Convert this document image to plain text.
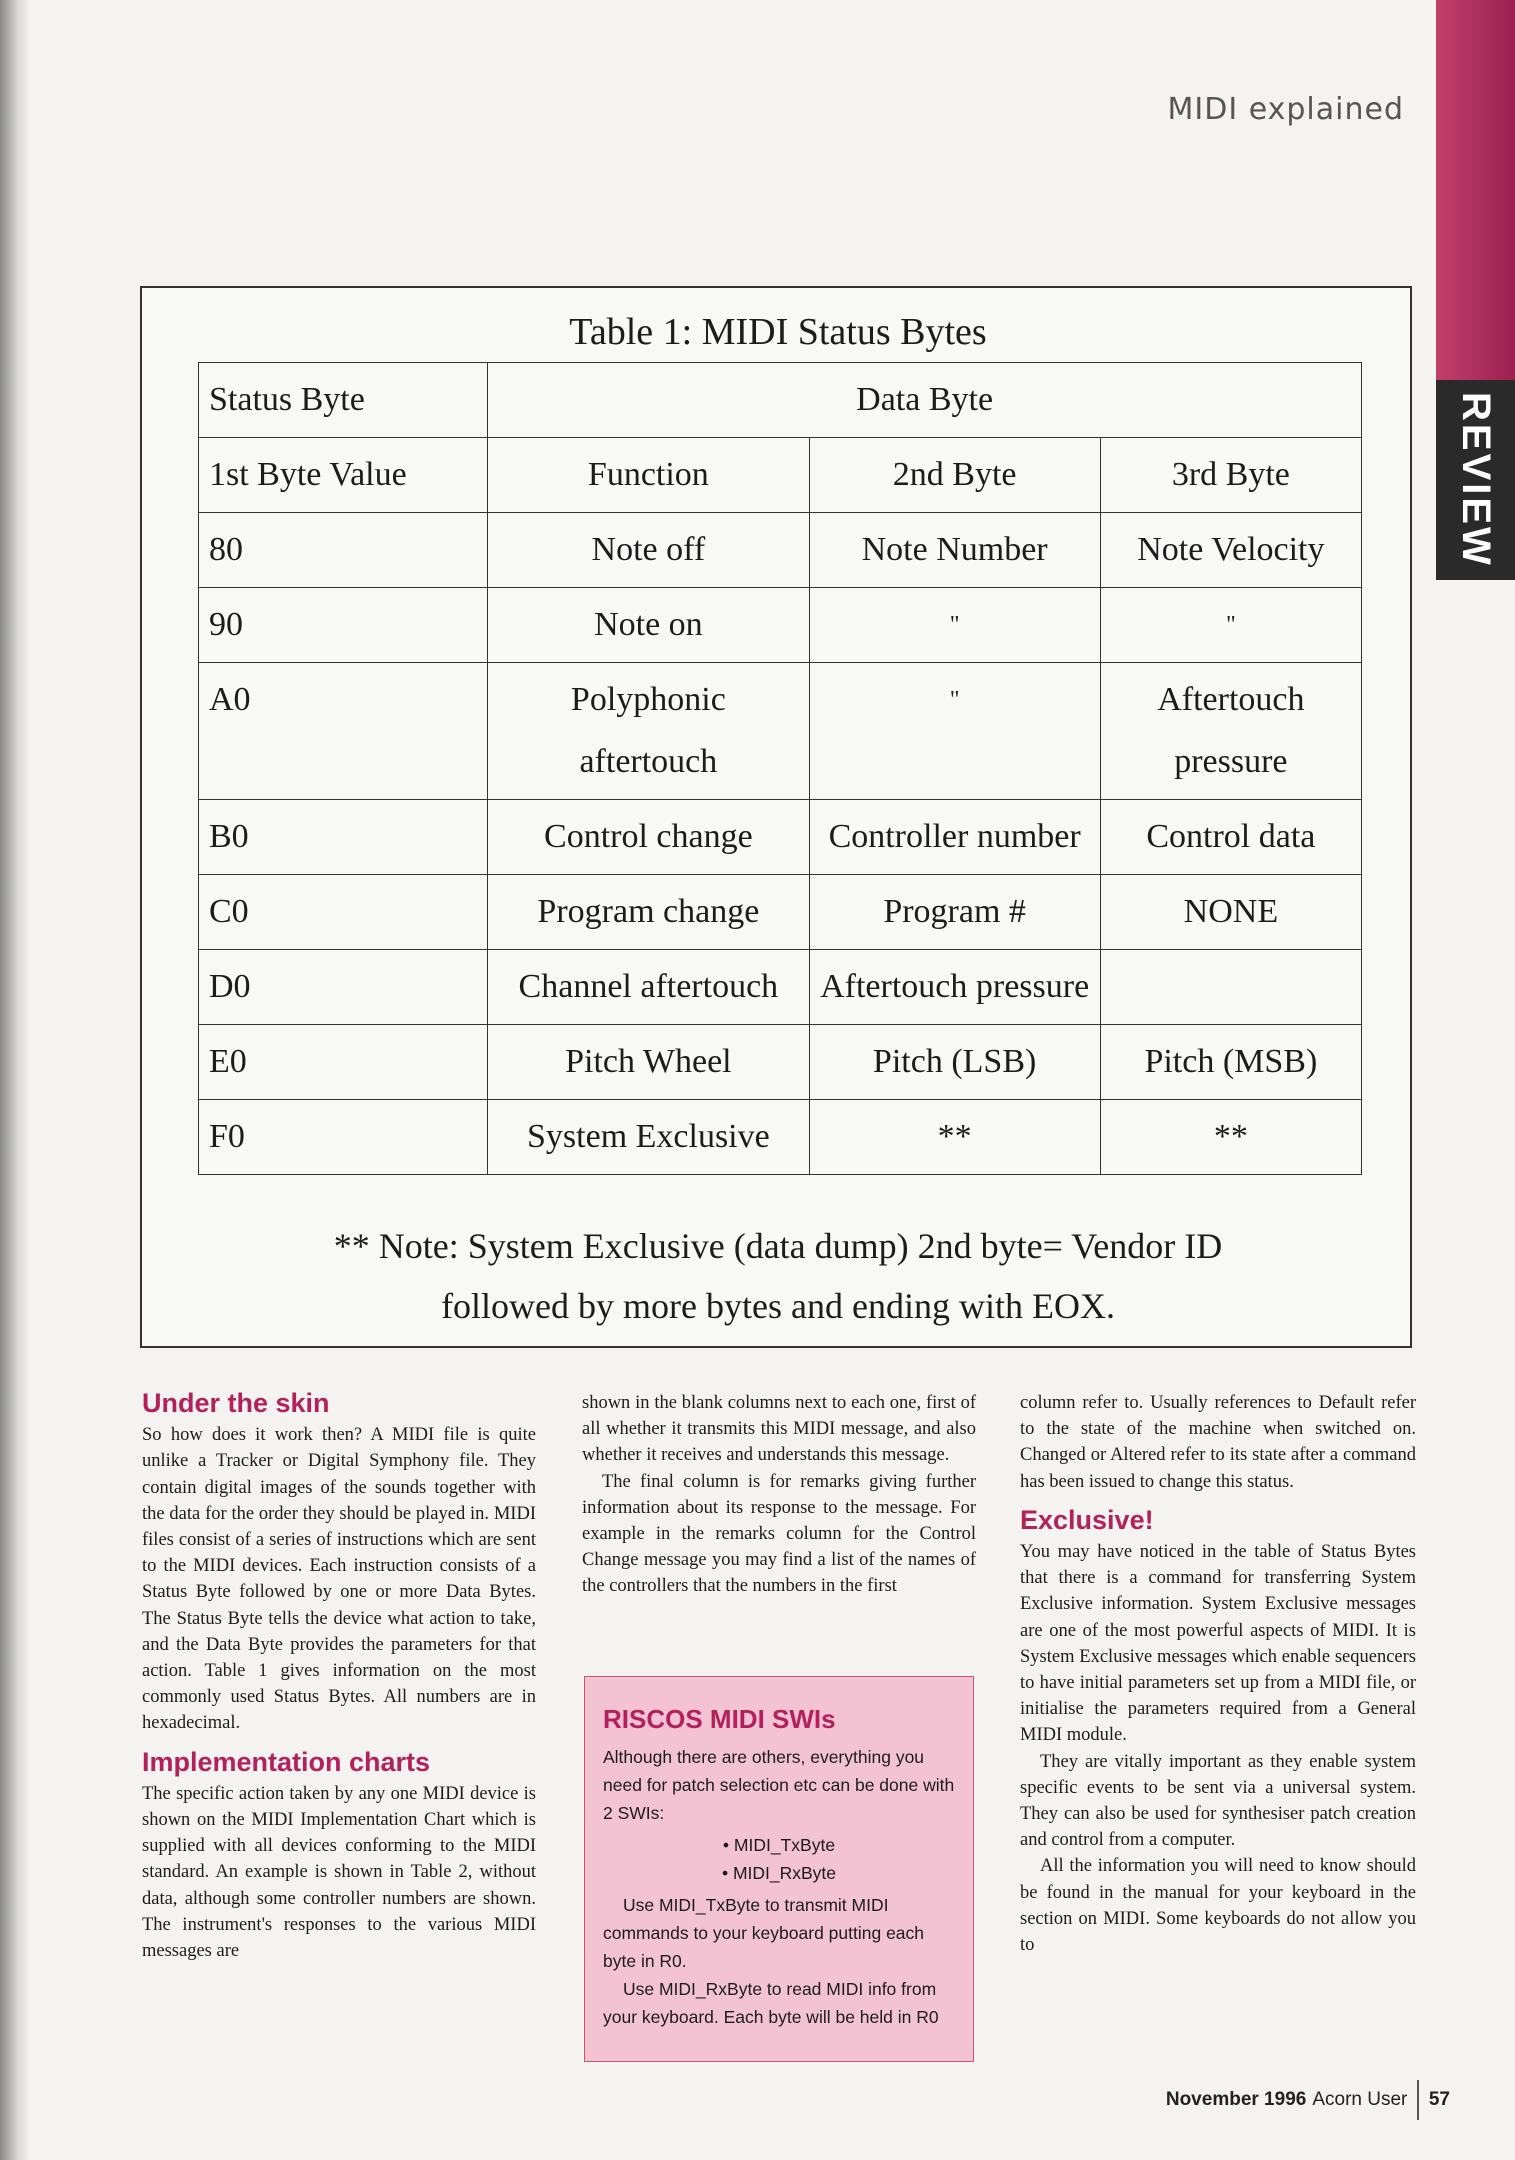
REVIEW
MIDI explained
Table 1: MIDI Status Bytes
Status Byte	Data Byte		
1st Byte Value	Function	2nd Byte	3rd Byte
80	Note off	Note Number	Note Velocity
90	Note on	"	"
A0	Polyphonic aftertouch	"	Aftertouch pressure
B0	Control change	Controller number	Control data
C0	Program change	Program #	NONE
D0	Channel aftertouch	Aftertouch pressure	
E0	Pitch Wheel	Pitch (LSB)	Pitch (MSB)
F0	System Exclusive	**	**
** Note: System Exclusive (data dump) 2nd byte= Vendor ID
followed by more bytes and ending with EOX.
Under the skin

So how does it work then? A MIDI file is quite unlike a Tracker or Digital Symphony file. They contain digital images of the sounds together with the data for the order they should be played in. MIDI files consist of a series of instructions which are sent to the MIDI devices. Each instruction consists of a Status Byte followed by one or more Data Bytes. The Status Byte tells the device what action to take, and the Data Byte provides the parameters for that action. Table 1 gives information on the most commonly used Status Bytes. All numbers are in hexadecimal.

Implementation charts

The specific action taken by any one MIDI device is shown on the MIDI Implementation Chart which is supplied with all devices conforming to the MIDI standard. An example is shown in Table 2, without data, although some controller numbers are shown. The instrument's responses to the various MIDI messages are

shown in the blank columns next to each one, first of all whether it transmits this MIDI message, and also whether it receives and understands this message.

The final column is for remarks giving further information about its response to the message. For example in the remarks column for the Control Change message you may find a list of the names of the controllers that the numbers in the first

RISCOS MIDI SWIs

Although there are others, everything you need for patch selection etc can be done with 2 SWIs:

• MIDI_TxByte
• MIDI_RxByte

Use MIDI_TxByte to transmit MIDI commands to your keyboard putting each byte in R0.

Use MIDI_RxByte to read MIDI info from your keyboard. Each byte will be held in R0

column refer to. Usually references to Default refer to the state of the machine when switched on. Changed or Altered refer to its state after a command has been issued to change this status.

Exclusive!

You may have noticed in the table of Status Bytes that there is a command for transferring System Exclusive information. System Exclusive messages are one of the most powerful aspects of MIDI. It is System Exclusive messages which enable sequencers to have initial parameters set up from a MIDI file, or initialise the parameters required from a General MIDI module.

They are vitally important as they enable system specific events to be sent via a universal system. They can also be used for synthesiser patch creation and control from a computer.

All the information you will need to know should be found in the manual for your keyboard in the section on MIDI. Some keyboards do not allow you to

November 1996 Acorn User 57
